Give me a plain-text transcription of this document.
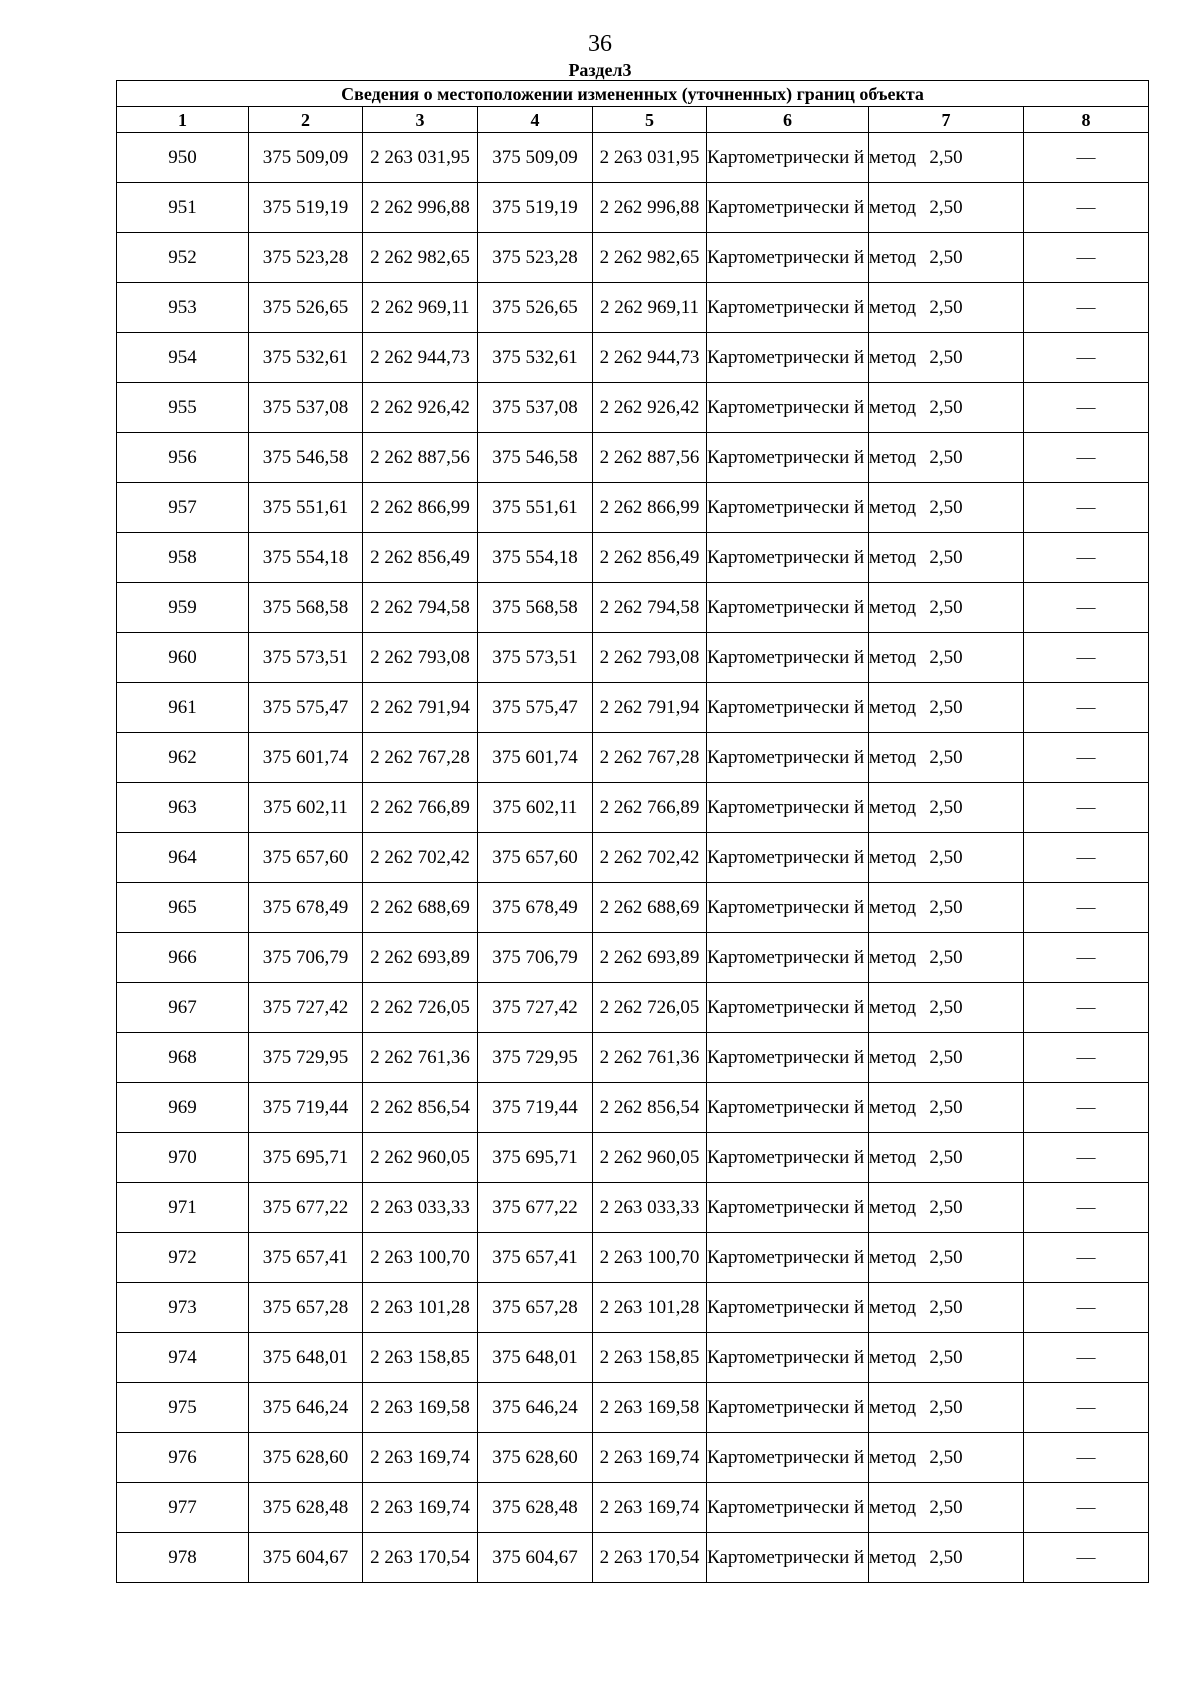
36
Раздел3
Сведения о местоположении измененных (уточненных) границ объекта							
1	2	3	4	5	6	7	8
950	375 509,09	2 263 031,95	375 509,09	2 263 031,95	Картометрически й метод	2,50	—
951	375 519,19	2 262 996,88	375 519,19	2 262 996,88	Картометрически й метод	2,50	—
952	375 523,28	2 262 982,65	375 523,28	2 262 982,65	Картометрически й метод	2,50	—
953	375 526,65	2 262 969,11	375 526,65	2 262 969,11	Картометрически й метод	2,50	—
954	375 532,61	2 262 944,73	375 532,61	2 262 944,73	Картометрически й метод	2,50	—
955	375 537,08	2 262 926,42	375 537,08	2 262 926,42	Картометрически й метод	2,50	—
956	375 546,58	2 262 887,56	375 546,58	2 262 887,56	Картометрически й метод	2,50	—
957	375 551,61	2 262 866,99	375 551,61	2 262 866,99	Картометрически й метод	2,50	—
958	375 554,18	2 262 856,49	375 554,18	2 262 856,49	Картометрически й метод	2,50	—
959	375 568,58	2 262 794,58	375 568,58	2 262 794,58	Картометрически й метод	2,50	—
960	375 573,51	2 262 793,08	375 573,51	2 262 793,08	Картометрически й метод	2,50	—
961	375 575,47	2 262 791,94	375 575,47	2 262 791,94	Картометрически й метод	2,50	—
962	375 601,74	2 262 767,28	375 601,74	2 262 767,28	Картометрически й метод	2,50	—
963	375 602,11	2 262 766,89	375 602,11	2 262 766,89	Картометрически й метод	2,50	—
964	375 657,60	2 262 702,42	375 657,60	2 262 702,42	Картометрически й метод	2,50	—
965	375 678,49	2 262 688,69	375 678,49	2 262 688,69	Картометрически й метод	2,50	—
966	375 706,79	2 262 693,89	375 706,79	2 262 693,89	Картометрически й метод	2,50	—
967	375 727,42	2 262 726,05	375 727,42	2 262 726,05	Картометрически й метод	2,50	—
968	375 729,95	2 262 761,36	375 729,95	2 262 761,36	Картометрически й метод	2,50	—
969	375 719,44	2 262 856,54	375 719,44	2 262 856,54	Картометрически й метод	2,50	—
970	375 695,71	2 262 960,05	375 695,71	2 262 960,05	Картометрически й метод	2,50	—
971	375 677,22	2 263 033,33	375 677,22	2 263 033,33	Картометрически й метод	2,50	—
972	375 657,41	2 263 100,70	375 657,41	2 263 100,70	Картометрически й метод	2,50	—
973	375 657,28	2 263 101,28	375 657,28	2 263 101,28	Картометрически й метод	2,50	—
974	375 648,01	2 263 158,85	375 648,01	2 263 158,85	Картометрически й метод	2,50	—
975	375 646,24	2 263 169,58	375 646,24	2 263 169,58	Картометрически й метод	2,50	—
976	375 628,60	2 263 169,74	375 628,60	2 263 169,74	Картометрически й метод	2,50	—
977	375 628,48	2 263 169,74	375 628,48	2 263 169,74	Картометрически й метод	2,50	—
978	375 604,67	2 263 170,54	375 604,67	2 263 170,54	Картометрически й метод	2,50	—
